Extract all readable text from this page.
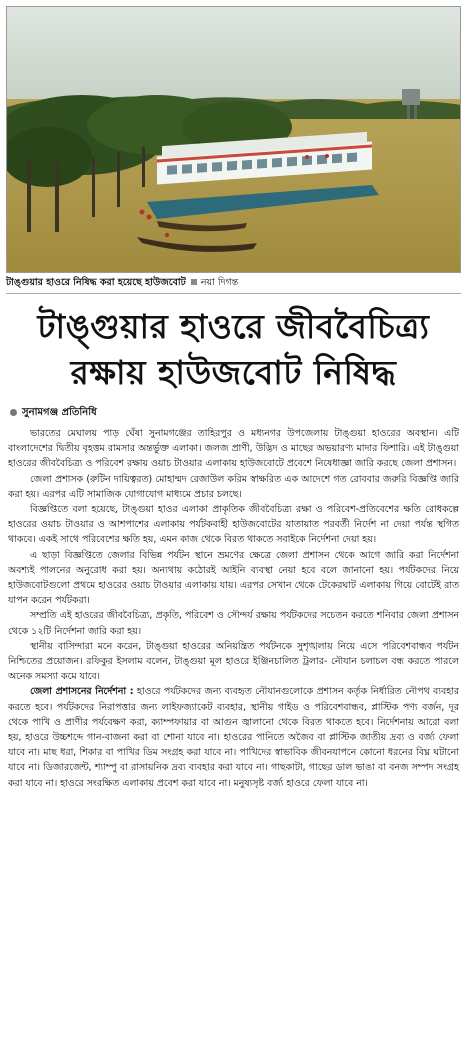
টাঙ্গুয়ার হাওরে নিষিদ্ধ করা হয়েছে হাউজবোট নয়া দিগন্ত
টাঙ্গুয়ার হাওরে জীববৈচিত্র্য
রক্ষায় হাউজবোট নিষিদ্ধ
সুনামগঞ্জ প্রতিনিধি

ভারতের মেঘালয় পাড় ঘেঁষা সুনামগঞ্জের তাহিরপুর ও মধ্যনগর উপজেলায় টাঙ্গুয়া হাওরের অবস্থান। এটি বাংলাদেশের দ্বিতীয় বৃহত্তম রামসার অন্তর্ভুক্ত এলাকা। জলজ প্রাণী, উদ্ভিদ ও মাছের অভয়ারণ্য মাদার ফিশারি। এই টাঙ্গুয়া হাওরের জীববৈচিত্র্য ও পরিবেশ রক্ষায় ওয়াচ টাওয়ার এলাকায় হাউজবোটে প্রবেশে নিষেধাজ্ঞা জারি করছে জেলা প্রশাসন।

জেলা প্রশাসক (রুটিন দায়িত্বরত) মোহাম্মদ রেজাউল করিম স্বাক্ষরিত এক আদেশে গত রোববার জরুরি বিজ্ঞপ্তি জারি করা হয়। এরপর এটি সামাজিক যোগাযোগ মাধ্যমে প্রচার চলছে।

বিজ্ঞপ্তিতে বলা হয়েছে, টাঙ্গুয়া হাওর এলাকা প্রাকৃতিক জীববৈচিত্র্য রক্ষা ও পরিবেশ-প্রতিবেশের ক্ষতি রোধকল্পে হাওরের ওয়াচ টাওয়ার ও আশপাশের এলাকায় পর্যটকবাহী হাউজবোটের যাতায়াত পরবর্তী নির্দেশ না দেয়া পর্যন্ত স্থগিত থাকবে। একই সাথে পরিবেশের ক্ষতি হয়, এমন কাজ থেকে বিরত থাকতে সবাইকে নির্দেশনা দেয়া হয়।

এ ছাড়া বিজ্ঞপ্তিতে জেলার বিভিন্ন পর্যটন স্থানে ভ্রমণের ক্ষেত্রে জেলা প্রশাসন থেকে আগে জারি করা নির্দেশনা অবশ্যই পালনের অনুরোধ করা হয়। অন্যথায় কঠোরই আইনি ব্যবস্থা নেয়া হবে বলে জানানো হয়। পর্যটকদের নিয়ে হাউজবোটগুলো প্রথমে হাওরের ওয়াচ টাওয়ার এলাকায় যায়। এরপর সেখান থেকে টেকেরঘাট এলাকায় গিয়ে বোটেই রাত যাপন করেন পর্যটকরা।

সম্প্রতি এই হাওরের জীববৈচিত্র্য, প্রকৃতি, পরিবেশ ও সৌন্দর্য রক্ষায় পর্যটকদের সচেতন করতে শনিবার জেলা প্রশাসন থেকে ১২টি নির্দেশনা জারি করা হয়।

স্থানীয় বাসিন্দারা মনে করেন, টাঙ্গুয়া হাওরের অনিয়ন্ত্রিত পর্যটনকে সুশৃঙ্খলায় নিয়ে এসে পরিবেশবান্ধব পর্যটন নিশ্চিতের প্রয়োজন। রফিকুর ইসলাম বলেন, টাঙ্গুয়া মূল হাওরে ইঞ্জিনচালিত ট্রলার- নৌযান চলাচল বন্ধ করতে পারলে অনেক সমস্যা কমে যাবে।

জেলা প্রশাসনের নির্দেশনা : হাওরে পর্যটকদের জন্য ব্যবহৃত নৌযানগুলোকে প্রশাসন কর্তৃক নির্ধারিত নৌপথ ব্যবহার করতে হবে। পর্যটকদের নিরাপত্তার জন্য লাইফজ্যাকেট ব্যবহার, স্থানীয় গাইড ও পরিবেশবান্ধব, প্লাস্টিক পণ্য বর্জন, দূর থেকে পাখি ও প্রাণীর পর্যবেক্ষণ করা, ক্যাম্পফায়ার বা আগুন জ্বালানো থেকে বিরত থাকতে হবে। নির্দেশনায় আরো বলা হয়, হাওরে উচ্চশব্দে গান-বাজনা করা বা শোনা যাবে না। হাওরের পানিতে অজৈব বা প্লাস্টিক জাতীয় দ্রব্য ও বর্জ্য ফেলা যাবে না। মাছ ধরা, শিকার বা পাখির ডিম সংগ্রহ করা যাবে না। পাখিদের স্বাভাবিক জীবনযাপনে কোনো ধরনের বিঘ্ন ঘটানো যাবে না। ডিজারজেন্ট, শ্যাম্পু বা রাসায়নিক দ্রব্য ব্যবহার করা যাবে না। গাছকাটা, গাছের ডাল ভাঙা বা বনজ সম্পদ সংগ্রহ করা যাবে না। হাওরে সংরক্ষিত এলাকায় প্রবেশ করা যাবে না। মনুষ্যসৃষ্ট বর্জ্য হাওরে ফেলা যাবে না।
